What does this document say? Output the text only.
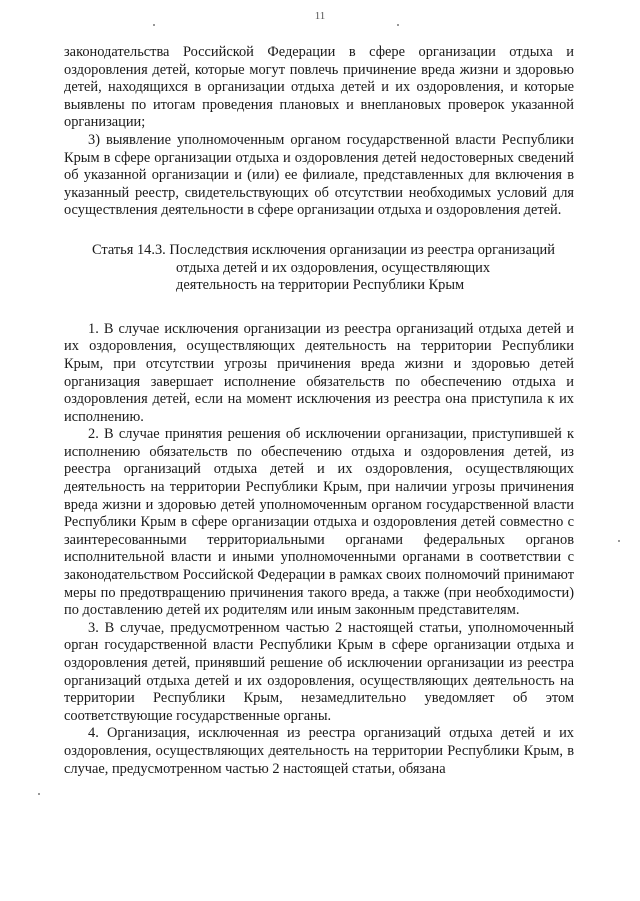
11

законодательства Российской Федерации в сфере организации отдыха и оздоровления детей, которые могут повлечь причинение вреда жизни и здоровью детей, находящихся в организации отдыха детей и их оздоровления, и которые выявлены по итогам проведения плановых и внеплановых проверок указанной организации;

3) выявление уполномоченным органом государственной власти Республики Крым в сфере организации отдыха и оздоровления детей недостоверных сведений об указанной организации и (или) ее филиале, представленных для включения в указанный реестр, свидетельствующих об отсутствии необходимых условий для осуществления деятельности в сфере организации отдыха и оздоровления детей.

Статья 14.3. Последствия исключения организации из реестра организаций отдыха детей и их оздоровления, осуществляющих деятельность на территории Республики Крым

1. В случае исключения организации из реестра организаций отдыха детей и их оздоровления, осуществляющих деятельность на территории Республики Крым, при отсутствии угрозы причинения вреда жизни и здоровью детей организация завершает исполнение обязательств по обеспечению отдыха и оздоровления детей, если на момент исключения из реестра она приступила к их исполнению.

2. В случае принятия решения об исключении организации, приступившей к исполнению обязательств по обеспечению отдыха и оздоровления детей, из реестра организаций отдыха детей и их оздоровления, осуществляющих деятельность на территории Республики Крым, при наличии угрозы причинения вреда жизни и здоровью детей уполномоченным органом государственной власти Республики Крым в сфере организации отдыха и оздоровления детей совместно с заинтересованными территориальными органами федеральных органов исполнительной власти и иными уполномоченными органами в соответствии с законодательством Российской Федерации в рамках своих полномочий принимают меры по предотвращению причинения такого вреда, а также (при необходимости) по доставлению детей их родителям или иным законным представителям.

3. В случае, предусмотренном частью 2 настоящей статьи, уполномоченный орган государственной власти Республики Крым в сфере организации отдыха и оздоровления детей, принявший решение об исключении организации из реестра организаций отдыха детей и их оздоровления, осуществляющих деятельность на территории Республики Крым, незамедлительно уведомляет об этом соответствующие государственные органы.

4. Организация, исключенная из реестра организаций отдыха детей и их оздоровления, осуществляющих деятельность на территории Республики Крым, в случае, предусмотренном частью 2 настоящей статьи, обязана
